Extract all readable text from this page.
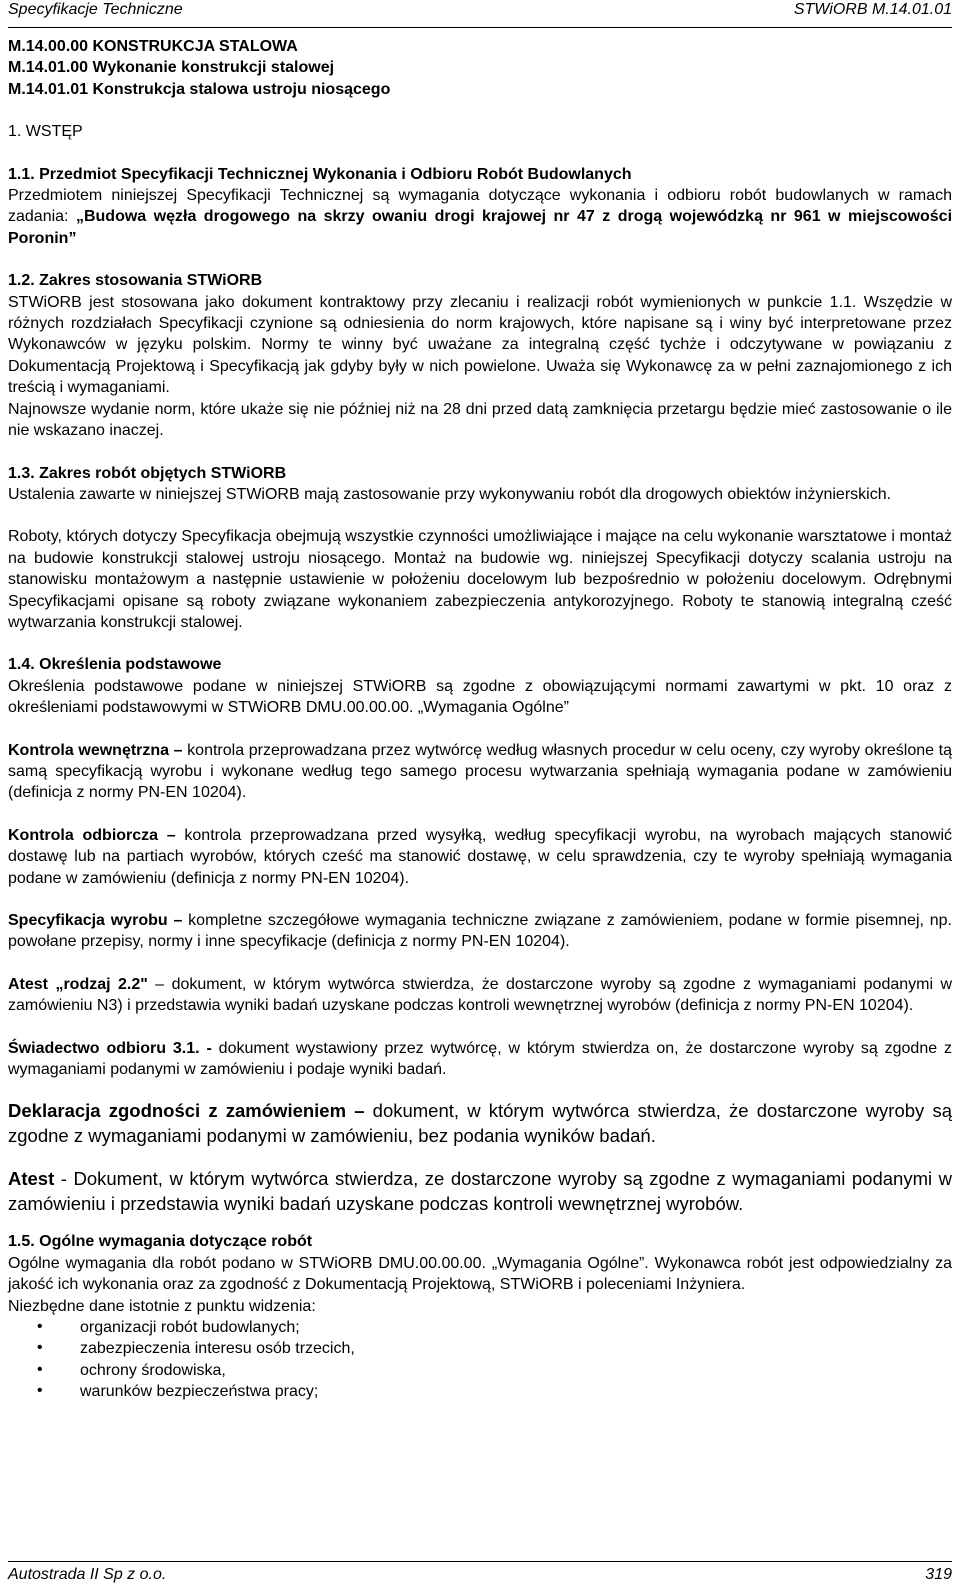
Specyfikacje Techniczne	STWiORB M.14.01.01

M.14.00.00 KONSTRUKCJA STALOWA

M.14.01.00 Wykonanie konstrukcji stalowej

M.14.01.01 Konstrukcja stalowa ustroju niosącego

1. WSTĘP

1.1. Przedmiot Specyfikacji Technicznej Wykonania i Odbioru Robót Budowlanych

Przedmiotem niniejszej Specyfikacji Technicznej są wymagania dotyczące wykonania i odbioru robót budowlanych w ramach zadania: „Budowa węzła drogowego na skrzy owaniu drogi krajowej nr 47 z drogą wojewódzką nr 961 w miejscowości Poronin”

1.2. Zakres stosowania STWiORB

STWiORB jest stosowana jako dokument kontraktowy przy zlecaniu i realizacji robót wymienionych w punkcie 1.1. Wszędzie w różnych rozdziałach Specyfikacji czynione są odniesienia do norm krajowych, które napisane są i winy być interpretowane przez Wykonawców w języku polskim. Normy te winny być uważane za integralną część tychże i odczytywane w powiązaniu z Dokumentacją Projektową i Specyfikacją jak gdyby były w nich powielone. Uważa się Wykonawcę za w pełni zaznajomionego z ich treścią i wymaganiami.

Najnowsze wydanie norm, które ukaże się nie później niż na 28 dni przed datą zamknięcia przetargu będzie mieć zastosowanie o ile nie wskazano inaczej.

1.3. Zakres robót objętych STWiORB

Ustalenia zawarte w niniejszej STWiORB mają zastosowanie przy wykonywaniu robót dla drogowych obiektów inżynierskich.

Roboty, których dotyczy Specyfikacja obejmują wszystkie czynności umożliwiające i mające na celu wykonanie warsztatowe i montaż na budowie konstrukcji stalowej ustroju niosącego. Montaż na budowie wg. niniejszej Specyfikacji dotyczy scalania ustroju na stanowisku montażowym a następnie ustawienie w położeniu docelowym lub bezpośrednio w położeniu docelowym. Odrębnymi Specyfikacjami opisane są roboty związane wykonaniem zabezpieczenia antykorozyjnego. Roboty te stanowią integralną cześć wytwarzania konstrukcji stalowej.

1.4. Określenia podstawowe

Określenia podstawowe podane w niniejszej STWiORB są zgodne z obowiązującymi normami zawartymi w pkt. 10 oraz z określeniami podstawowymi w STWiORB DMU.00.00.00. „Wymagania Ogólne”

Kontrola wewnętrzna – kontrola przeprowadzana przez wytwórcę według własnych procedur w celu oceny, czy wyroby określone tą samą specyfikacją wyrobu i wykonane według tego samego procesu wytwarzania spełniają wymagania podane w zamówieniu (definicja z normy PN-EN 10204).

Kontrola odbiorcza – kontrola przeprowadzana przed wysyłką, według specyfikacji wyrobu, na wyrobach mających stanowić dostawę lub na partiach wyrobów, których cześć ma stanowić dostawę, w celu sprawdzenia, czy te wyroby spełniają wymagania podane w zamówieniu (definicja z normy PN-EN 10204).

Specyfikacja wyrobu – kompletne szczegółowe wymagania techniczne związane z zamówieniem, podane w formie pisemnej, np. powołane przepisy, normy i inne specyfikacje (definicja z normy PN-EN 10204).

Atest „rodzaj 2.2" – dokument, w którym wytwórca stwierdza, że dostarczone wyroby są zgodne z wymaganiami podanymi w zamówieniu N3) i przedstawia wyniki badań uzyskane podczas kontroli wewnętrznej wyrobów (definicja z normy PN-EN 10204).

Świadectwo odbioru 3.1. - dokument wystawiony przez wytwórcę, w którym stwierdza on, że dostarczone wyroby są zgodne z wymaganiami podanymi w zamówieniu i podaje wyniki badań.

Deklaracja zgodności z zamówieniem – dokument, w którym wytwórca stwierdza, że dostarczone wyroby są zgodne z wymaganiami podanymi w zamówieniu, bez podania wyników badań.

Atest - Dokument, w którym wytwórca stwierdza, ze dostarczone wyroby są zgodne z wymaganiami podanymi w zamówieniu i przedstawia wyniki badań uzyskane podczas kontroli wewnętrznej wyrobów.

1.5. Ogólne wymagania dotyczące robót

Ogólne wymagania dla robót podano w STWiORB DMU.00.00.00. „Wymagania Ogólne”. Wykonawca robót jest odpowiedzialny za jakość ich wykonania oraz za zgodność z Dokumentacją Projektową, STWiORB i poleceniami Inżyniera.

Niezbędne dane istotnie z punktu widzenia:

• organizacji robót budowlanych;
• zabezpieczenia interesu osób trzecich,
• ochrony środowiska,
• warunków bezpieczeństwa pracy;
Autostrada II Sp z o.o.	319
